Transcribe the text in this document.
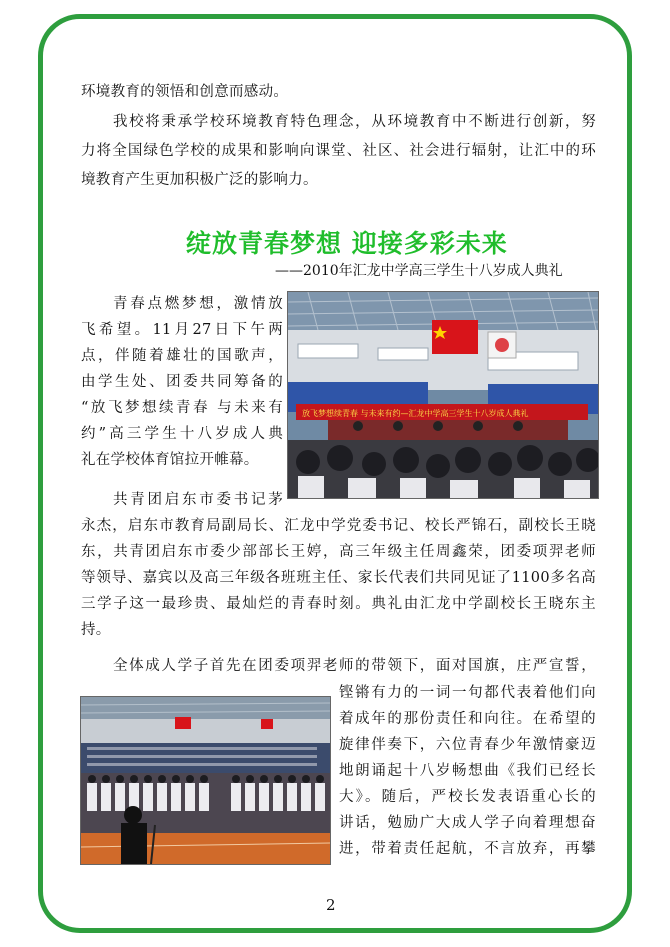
环境教育的领悟和创意而感动。
我校将秉承学校环境教育特色理念，从环境教育中不断进行创新，努
力将全国绿色学校的成果和影响向课堂、社区、社会进行辐射，让汇中的环
境教育产生更加积极广泛的影响力。
绽放青春梦想 迎接多彩未来
——2010年汇龙中学高三学生十八岁成人典礼
青春点燃梦想，激情放
飞希望。11月27日下午两
点，伴随着雄壮的国歌声，
由学生处、团委共同筹备的
“放飞梦想续青春 与未来有
约”高三学生十八岁成人典
礼在学校体育馆拉开帷幕。
共青团启东市委书记茅
永杰，启东市教育局副局长、汇龙中学党委书记、校长严锦石，副校长王晓
东，共青团启东市委少部部长王婷，高三年级主任周鑫荣，团委项羿老师
等领导、嘉宾以及高三年级各班班主任、家长代表们共同见证了1100多名高
三学子这一最珍贵、最灿烂的青春时刻。典礼由汇龙中学副校长王晓东主
持。
全体成人学子首先在团委项羿老师的带领下，面对国旗，庄严宣誓，
铿锵有力的一词一句都代表着他们向
着成年的那份责任和向往。在希望的
旋律伴奏下，六位青春少年激情豪迈
地朗诵起十八岁畅想曲《我们已经长
大》。随后，严校长发表语重心长的
讲话，勉励广大成人学子向着理想奋
进，带着责任起航，不言放弃，再攀
放飞梦想续青春 与未来有约—汇龙中学高三学生十八岁成人典礼
2
